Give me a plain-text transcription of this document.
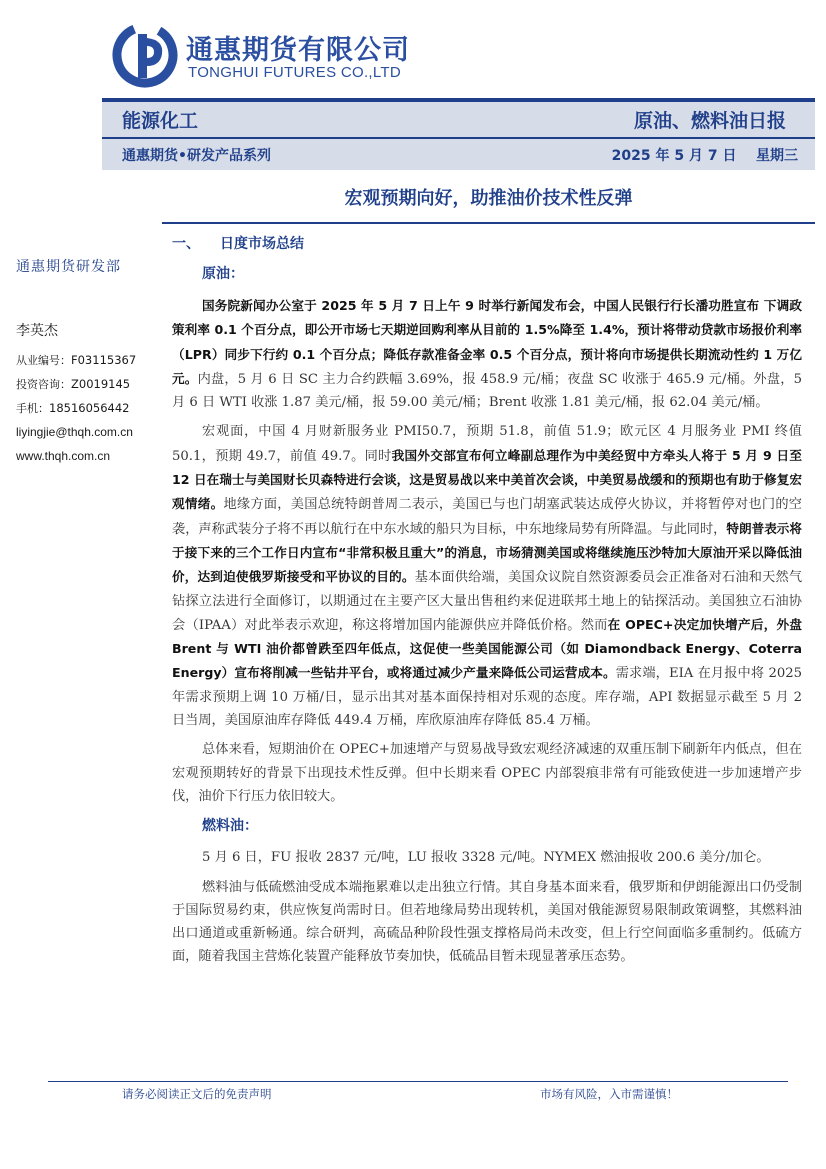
通惠期货有限公司
TONGHUI FUTURES CO.,LTD
能源化工	原油、燃料油日报
通惠期货•研发产品系列	2025 年 5 月 7 日    星期三
宏观预期向好，助推油价技术性反弹
通惠期货研发部
李英杰
从业编号：F03115367
投资咨询：Z0019145
手机：18516056442
liyingjie@thqh.com.cn
www.thqh.com.cn
一、 日度市场总结
原油：

国务院新闻办公室于 2025 年 5 月 7 日上午 9 时举行新闻发布会，中国人民银行行长潘功胜宣布 下调政策利率 0.1 个百分点，即公开市场七天期逆回购利率从目前的 1.5%降至 1.4%，预计将带动贷款市场报价利率（LPR）同步下行约 0.1 个百分点；降低存款准备金率 0.5 个百分点，预计将向市场提供长期流动性约 1 万亿元。内盘，5 月 6 日 SC 主力合约跌幅 3.69%，报 458.9 元/桶；夜盘 SC 收涨于 465.9 元/桶。外盘，5 月 6 日 WTI 收涨 1.87 美元/桶，报 59.00 美元/桶；Brent 收涨 1.81 美元/桶，报 62.04 美元/桶。

宏观面，中国 4 月财新服务业 PMI50.7，预期 51.8，前值 51.9；欧元区 4 月服务业 PMI 终值 50.1，预期 49.7，前值 49.7。同时我国外交部宣布何立峰副总理作为中美经贸中方牵头人将于 5 月 9 日至 12 日在瑞士与美国财长贝森特进行会谈，这是贸易战以来中美首次会谈，中美贸易战缓和的预期也有助于修复宏观情绪。地缘方面，美国总统特朗普周二表示，美国已与也门胡塞武装达成停火协议，并将暂停对也门的空袭，声称武装分子将不再以航行在中东水域的船只为目标，中东地缘局势有所降温。与此同时，特朗普表示将于接下来的三个工作日内宣布“非常积极且重大”的消息，市场猜测美国或将继续施压沙特加大原油开采以降低油价，达到迫使俄罗斯接受和平协议的目的。基本面供给端，美国众议院自然资源委员会正准备对石油和天然气钻探立法进行全面修订，以期通过在主要产区大量出售租约来促进联邦土地上的钻探活动。美国独立石油协会（IPAA）对此举表示欢迎，称这将增加国内能源供应并降低价格。然而在 OPEC+决定加快增产后，外盘 Brent 与 WTI 油价都曾跌至四年低点，这促使一些美国能源公司（如 Diamondback Energy、Coterra Energy）宣布将削减一些钻井平台，或将通过减少产量来降低公司运营成本。需求端，EIA 在月报中将 2025 年需求预期上调 10 万桶/日，显示出其对基本面保持相对乐观的态度。库存端，API 数据显示截至 5 月 2 日当周，美国原油库存降低 449.4 万桶，库欣原油库存降低 85.4 万桶。

总体来看，短期油价在 OPEC+加速增产与贸易战导致宏观经济减速的双重压制下刷新年内低点，但在宏观预期转好的背景下出现技术性反弹。但中长期来看 OPEC 内部裂痕非常有可能致使进一步加速增产步伐，油价下行压力依旧较大。

燃料油：

5 月 6 日，FU 报收 2837 元/吨，LU 报收 3328 元/吨。NYMEX 燃油报收 200.6 美分/加仑。

燃料油与低硫燃油受成本端拖累难以走出独立行情。其自身基本面来看，俄罗斯和伊朗能源出口仍受制于国际贸易约束，供应恢复尚需时日。但若地缘局势出现转机，美国对俄能源贸易限制政策调整，其燃料油出口通道或重新畅通。综合研判，高硫品种阶段性强支撑格局尚未改变，但上行空间面临多重制约。低硫方面，随着我国主营炼化装置产能释放节奏加快，低硫品目暂未现显著承压态势。

请务必阅读正文后的免责声明	市场有风险，入市需谨慎！
